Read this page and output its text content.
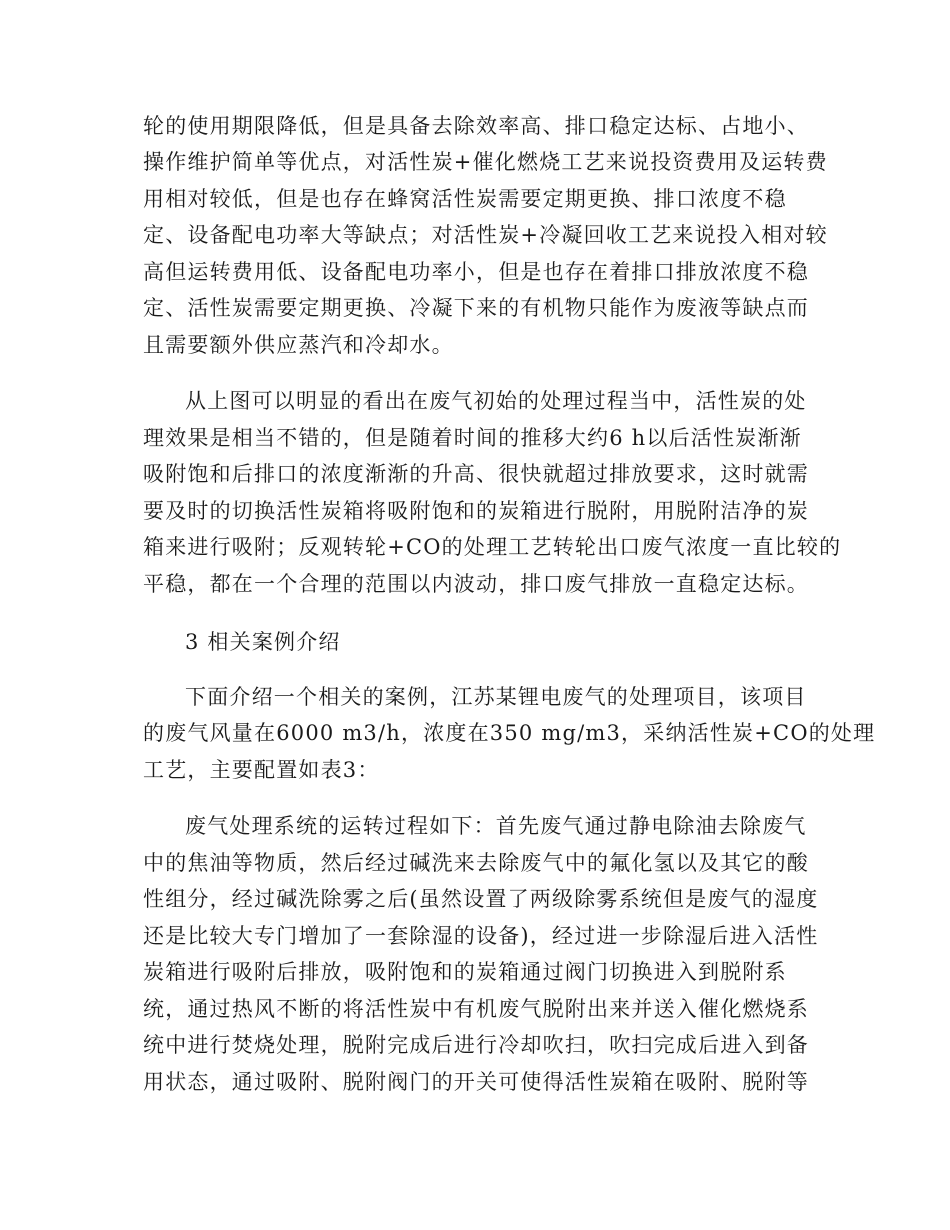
轮的使用期限降低，但是具备去除效率高、排口稳定达标、占地小、
操作维护简单等优点，对活性炭+催化燃烧工艺来说投资费用及运转费
用相对较低，但是也存在蜂窝活性炭需要定期更换、排口浓度不稳
定、设备配电功率大等缺点；对活性炭+冷凝回收工艺来说投入相对较
高但运转费用低、设备配电功率小，但是也存在着排口排放浓度不稳
定、活性炭需要定期更换、冷凝下来的有机物只能作为废液等缺点而
且需要额外供应蒸汽和冷却水。
从上图可以明显的看出在废气初始的处理过程当中，活性炭的处
理效果是相当不错的，但是随着时间的推移大约6 h以后活性炭渐渐
吸附饱和后排口的浓度渐渐的升高、很快就超过排放要求，这时就需
要及时的切换活性炭箱将吸附饱和的炭箱进行脱附，用脱附洁净的炭
箱来进行吸附；反观转轮+CO的处理工艺转轮出口废气浓度一直比较的
平稳，都在一个合理的范围以内波动，排口废气排放一直稳定达标。
3 相关案例介绍
下面介绍一个相关的案例，江苏某锂电废气的处理项目，该项目
的废气风量在6000 m3/h，浓度在350 mg/m3，采纳活性炭+CO的处理
工艺，主要配置如表3：
废气处理系统的运转过程如下：首先废气通过静电除油去除废气
中的焦油等物质，然后经过碱洗来去除废气中的氟化氢以及其它的酸
性组分，经过碱洗除雾之后(虽然设置了两级除雾系统但是废气的湿度
还是比较大专门增加了一套除湿的设备)，经过进一步除湿后进入活性
炭箱进行吸附后排放，吸附饱和的炭箱通过阀门切换进入到脱附系
统，通过热风不断的将活性炭中有机废气脱附出来并送入催化燃烧系
统中进行焚烧处理，脱附完成后进行冷却吹扫，吹扫完成后进入到备
用状态，通过吸附、脱附阀门的开关可使得活性炭箱在吸附、脱附等
